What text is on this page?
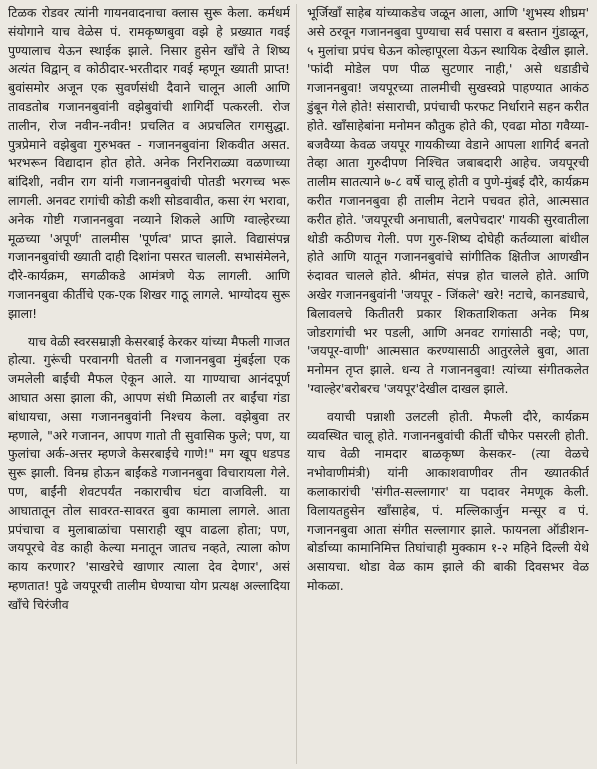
टिळक रोडवर त्यांनी गायनवादनाचा क्लास सुरू केला. कर्मधर्म संयोगाने याच वेळेस पं. रामकृष्णबुवा वझे हे प्रख्यात गवई पुण्यालाच येऊन स्थाईक झाले. निसार हुसेन खाँचे ते शिष्य अत्यंत विद्वान् व कोठीदार-भरतीदार गवई म्हणून ख्याती प्राप्त! बुवांसमोर अजून एक सुवर्णसंधी दैवाने चालून आली आणि तावडतोब गजाननबुवांनी वझेबुवांची शागिर्दी पत्करली. रोज तालीन, रोज नवीन-नवीन! प्रचलित व अप्रचलित रागसुद्धा. पुत्रप्रेमाने वझेबुवा गुरुभक्त - गजाननबुवांना शिकवीत असत. भरभरून विद्यादान होत होते. अनेक निरनिराळ्या वळणाच्या बांदिशी, नवीन राग यांनी गजाननबुवांची पोतडी भरगच्च भरू लागली. अनवट रागांची कोडी कशी सोडवावीत, कसा रंग भरावा, अनेक गोष्टी गजाननबुवा नव्याने शिकले आणि ग्वाल्हेरच्या मूळच्या 'अपूर्ण' तालमीस 'पूर्णत्व' प्राप्त झाले. विद्यासंपन्न गजाननबुवांची ख्याती दाही दिशांना पसरत चालली. सभासंमेलने, दौरे-कार्यक्रम, सगळीकडे आमंत्रणे येऊ लागली. आणि गजाननबुवा कीर्तीचे एक-एक शिखर गाठू लागले. भाग्योदय सुरू झाला!

याच वेळी स्वरसम्राज्ञी केसरबाई केरकर यांच्या मैफली गाजत होत्या. गुरूंची परवानगी घेतली व गजाननबुवा मुंबईला एक जमलेली बाईंची मैफल ऐकून आले. या गाण्याचा आनंदपूर्ण आघात असा झाला की, आपण संधी मिळाली तर बाईंचा गंडा बांधायचा, असा गजाननबुवांनी निश्चय केला. वझेबुवा तर म्हणाले, "अरे गजानन, आपण गातो ती सुवासिक फुले; पण, या फुलांचा अर्क-अत्तर म्हणजे केसरबाईचे गाणे!" मग खूप धडपड सुरू झाली. विनम्र होऊन बाईंकडे गजाननबुवा विचारायला गेले. पण, बाईंनी शेवटपर्यंत नकाराचीच घंटा वाजविली. या आघातातून तोल सावरत-सावरत बुवा कामाला लागले. आता प्रपंचाचा व मुलाबाळांचा पसाराही खूप वाढला होता; पण, जयपूरचे वेड काही केल्या मनातून जातच नव्हते, त्याला कोण काय करणार? 'साखरेचे खाणार त्याला देव देणार', असं म्हणतात! पुढे जयपूरची तालीम घेण्याचा योग प्रत्यक्ष अल्लादिया खाँचे चिरंजीव

भूर्जिखाँ साहेब यांच्याकडेच जळून आला, आणि 'शुभस्य शीघ्रम' असे ठरवून गजाननबुवा पुण्याचा सर्व पसारा व बस्तान गुंडाळून, ५ मुलांचा प्रपंच घेऊन कोल्हापूरला येऊन स्थायिक देखील झाले. 'फांदी मोडेल पण पीळ सुटणार नाही,' असे धडाडीचे गजाननबुवा! जयपूरच्या तालमीची सुखस्वप्ने पाहण्यात आकंठ डुंबून गेले होते! संसाराची, प्रपंचाची फरफट निर्धाराने सहन करीत होते. खाँसाहेबांना मनोमन कौतुक होते की, एवढा मोठा गवैय्या-बजवैय्या केवळ जयपूर गायकीच्या वेडाने आपला शागिर्द बनतो तेव्हा आता गुरुदीपण निश्चित जबाबदारी आहेच. जयपूरची तालीम सातत्याने ७-८ वर्षे चालू होती व पुणे-मुंबई दौरे, कार्यक्रम करीत गजाननबुवा ही तालीम नेटाने पचवत होते, आत्मसात करीत होते. 'जयपूरची अनाघाती, बलपेचदार' गायकी सुरवातीला थोडी कठीणच गेली. पण गुरु-शिष्य दोघेही कर्तव्याला बांधील होते आणि यातून गजाननबुवांचे सांगीतिक क्षितीज आणखीन रुंदावत चालले होते. श्रीमंत, संपन्न होत चालले होते. आणि अखेर गजाननबुवांनी 'जयपूर - जिंकले' खरे! नटाचे, कानड्याचे, बिलावलचे कितीतरी प्रकार शिकताशिकता अनेक मिश्र जोडरागांची भर पडली, आणि अनवट रागांसाठी नव्हे; पण, 'जयपूर-वाणी' आत्मसात करण्यासाठी आतुरलेले बुवा, आता मनोमन तृप्त झाले. धन्य ते गजाननबुवा! त्यांच्या संगीतकलेत 'ग्वाल्हेर'बरोबरच 'जयपूर'देखील दाखल झाले.

वयाची पन्नाशी उलटली होती. मैफली दौरे, कार्यक्रम व्यवस्थित चालू होते. गजाननबुवांची कीर्ती चौफेर पसरली होती. याच वेळी नामदार बाळकृष्ण केसकर- (त्या वेळचे नभोवाणीमंत्री) यांनी आकाशवाणीवर तीन ख्यातकीर्त कलाकारांची 'संगीत-सल्लागार' या पदावर नेमणूक केली. विलायतहुसेन खाँसाहेब, पं. मल्लिकार्जुन मन्सूर व पं. गजाननबुवा आता संगीत सल्लागार झाले. फायनला ऑडीशन-बोर्डाच्या कामानिमित्त तिघांचाही मुक्काम १-२ महिने दिल्ली येथे असायचा. थोडा वेळ काम झाले की बाकी दिवसभर वेळ मोकळा.
